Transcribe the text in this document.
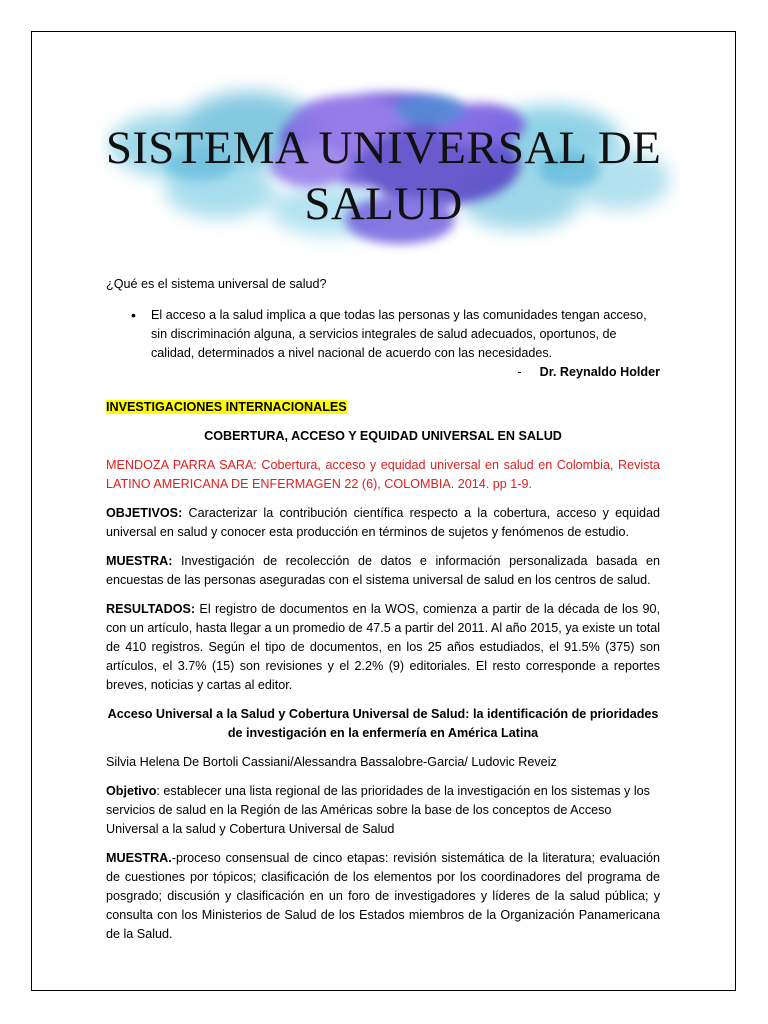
SISTEMA UNIVERSAL DE
SALUD

¿Qué es el sistema universal de salud?

•	El acceso a la salud implica a que todas las personas y las comunidades tengan acceso, sin discriminación alguna, a servicios integrales de salud adecuados, oportunos, de calidad, determinados a nivel nacional de acuerdo con las necesidades.

- Dr. Reynaldo Holder

INVESTIGACIONES INTERNACIONALES

COBERTURA, ACCESO Y EQUIDAD UNIVERSAL EN SALUD

MENDOZA PARRA SARA: Cobertura, acceso y equidad universal en salud en Colombia, Revista LATINO AMERICANA DE ENFERMAGEN 22 (6), COLOMBIA. 2014. pp 1-9.

OBJETIVOS: Caracterizar la contribución científica respecto a la cobertura, acceso y equidad universal en salud y conocer esta producción en términos de sujetos y fenómenos de estudio.

MUESTRA: Investigación de recolección de datos e información personalizada basada en encuestas de las personas aseguradas con el sistema universal de salud en los centros de salud.

RESULTADOS: El registro de documentos en la WOS, comienza a partir de la década de los 90, con un artículo, hasta llegar a un promedio de 47.5 a partir del 2011. Al año 2015, ya existe un total de 410 registros. Según el tipo de documentos, en los 25 años estudiados, el 91.5% (375) son artículos, el 3.7% (15) son revisiones y el 2.2% (9) editoriales. El resto corresponde a reportes breves, noticias y cartas al editor.

Acceso Universal a la Salud y Cobertura Universal de Salud: la identificación de prioridades de investigación en la enfermería en América Latina

Silvia Helena De Bortoli Cassiani/Alessandra Bassalobre-Garcia/ Ludovic Reveiz

Objetivo: establecer una lista regional de las prioridades de la investigación en los sistemas y los servicios de salud en la Región de las Américas sobre la base de los conceptos de Acceso Universal a la salud y Cobertura Universal de Salud

MUESTRA.-proceso consensual de cinco etapas: revisión sistemática de la literatura; evaluación de cuestiones por tópicos; clasificación de los elementos por los coordinadores del programa de posgrado; discusión y clasificación en un foro de investigadores y líderes de la salud pública; y consulta con los Ministerios de Salud de los Estados miembros de la Organización Panamericana de la Salud.
